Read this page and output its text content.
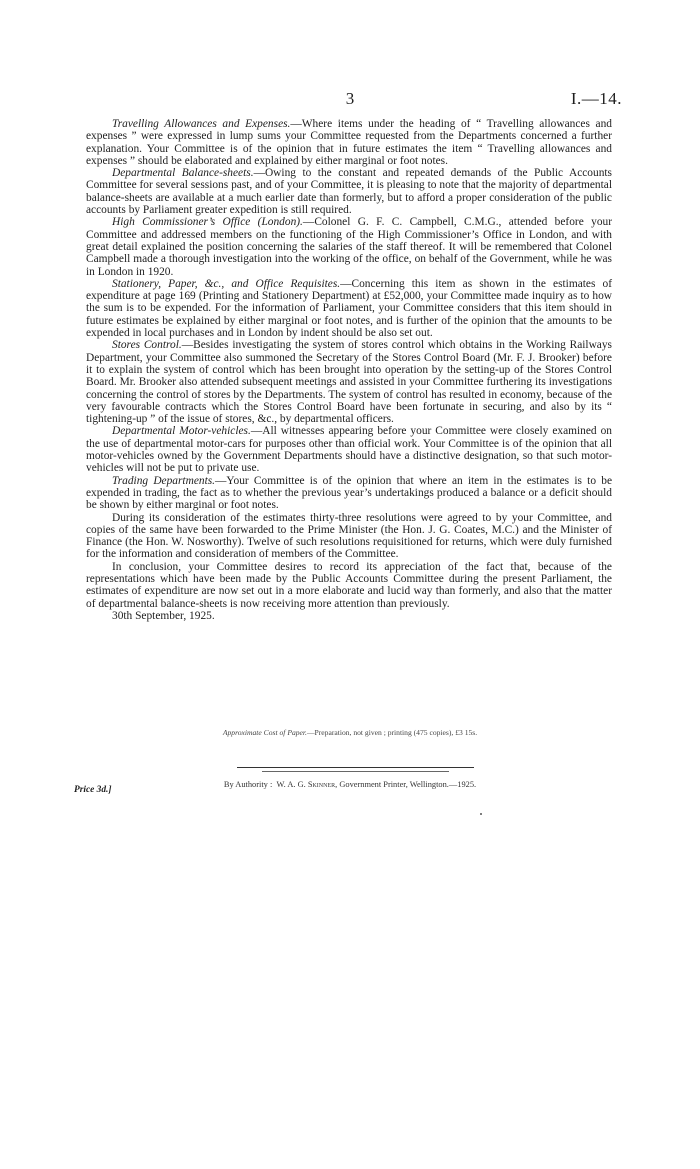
3	I.—14.

Travelling Allowances and Expenses.—Where items under the heading of “ Travelling allowances and expenses ” were expressed in lump sums your Committee requested from the Departments concerned a further explanation. Your Committee is of the opinion that in future estimates the item “ Travelling allowances and expenses ” should be elaborated and explained by either marginal or foot notes.

Departmental Balance-sheets.—Owing to the constant and repeated demands of the Public Accounts Committee for several sessions past, and of your Committee, it is pleasing to note that the majority of departmental balance-sheets are available at a much earlier date than formerly, but to afford a proper consideration of the public accounts by Parliament greater expedition is still required.

High Commissioner’s Office (London).—Colonel G. F. C. Campbell, C.M.G., attended before your Committee and addressed members on the functioning of the High Commissioner’s Office in London, and with great detail explained the position concerning the salaries of the staff thereof. It will be remembered that Colonel Campbell made a thorough investigation into the working of the office, on behalf of the Government, while he was in London in 1920.

Stationery, Paper, &c., and Office Requisites.—Concerning this item as shown in the estimates of expenditure at page 169 (Printing and Stationery Department) at £52,000, your Committee made inquiry as to how the sum is to be expended. For the information of Parliament, your Committee considers that this item should in future estimates be explained by either marginal or foot notes, and is further of the opinion that the amounts to be expended in local purchases and in London by indent should be also set out.

Stores Control.—Besides investigating the system of stores control which obtains in the Working Railways Department, your Committee also summoned the Secretary of the Stores Control Board (Mr. F. J. Brooker) before it to explain the system of control which has been brought into operation by the setting-up of the Stores Control Board. Mr. Brooker also attended subsequent meetings and assisted in your Committee furthering its investigations concerning the control of stores by the Departments. The system of control has resulted in economy, because of the very favourable contracts which the Stores Control Board have been fortunate in securing, and also by its “ tightening-up ” of the issue of stores, &c., by departmental officers.

Departmental Motor-vehicles.—All witnesses appearing before your Committee were closely examined on the use of departmental motor-cars for purposes other than official work. Your Committee is of the opinion that all motor-vehicles owned by the Government Departments should have a distinctive designation, so that such motor-vehicles will not be put to private use.

Trading Departments.—Your Committee is of the opinion that where an item in the estimates is to be expended in trading, the fact as to whether the previous year’s undertakings produced a balance or a deficit should be shown by either marginal or foot notes.

During its consideration of the estimates thirty-three resolutions were agreed to by your Committee, and copies of the same have been forwarded to the Prime Minister (the Hon. J. G. Coates, M.C.) and the Minister of Finance (the Hon. W. Nosworthy). Twelve of such resolutions requisitioned for returns, which were duly furnished for the information and consideration of members of the Committee.

In conclusion, your Committee desires to record its appreciation of the fact that, because of the representations which have been made by the Public Accounts Committee during the present Parliament, the estimates of expenditure are now set out in a more elaborate and lucid way than formerly, and also that the matter of departmental balance-sheets is now receiving more attention than previously.

30th September, 1925.

Approximate Cost of Paper.—Preparation, not given ; printing (475 copies), £3 15s.
By Authority : W. A. G. Skinner, Government Printer, Wellington.—1925.
Price 3d.]
